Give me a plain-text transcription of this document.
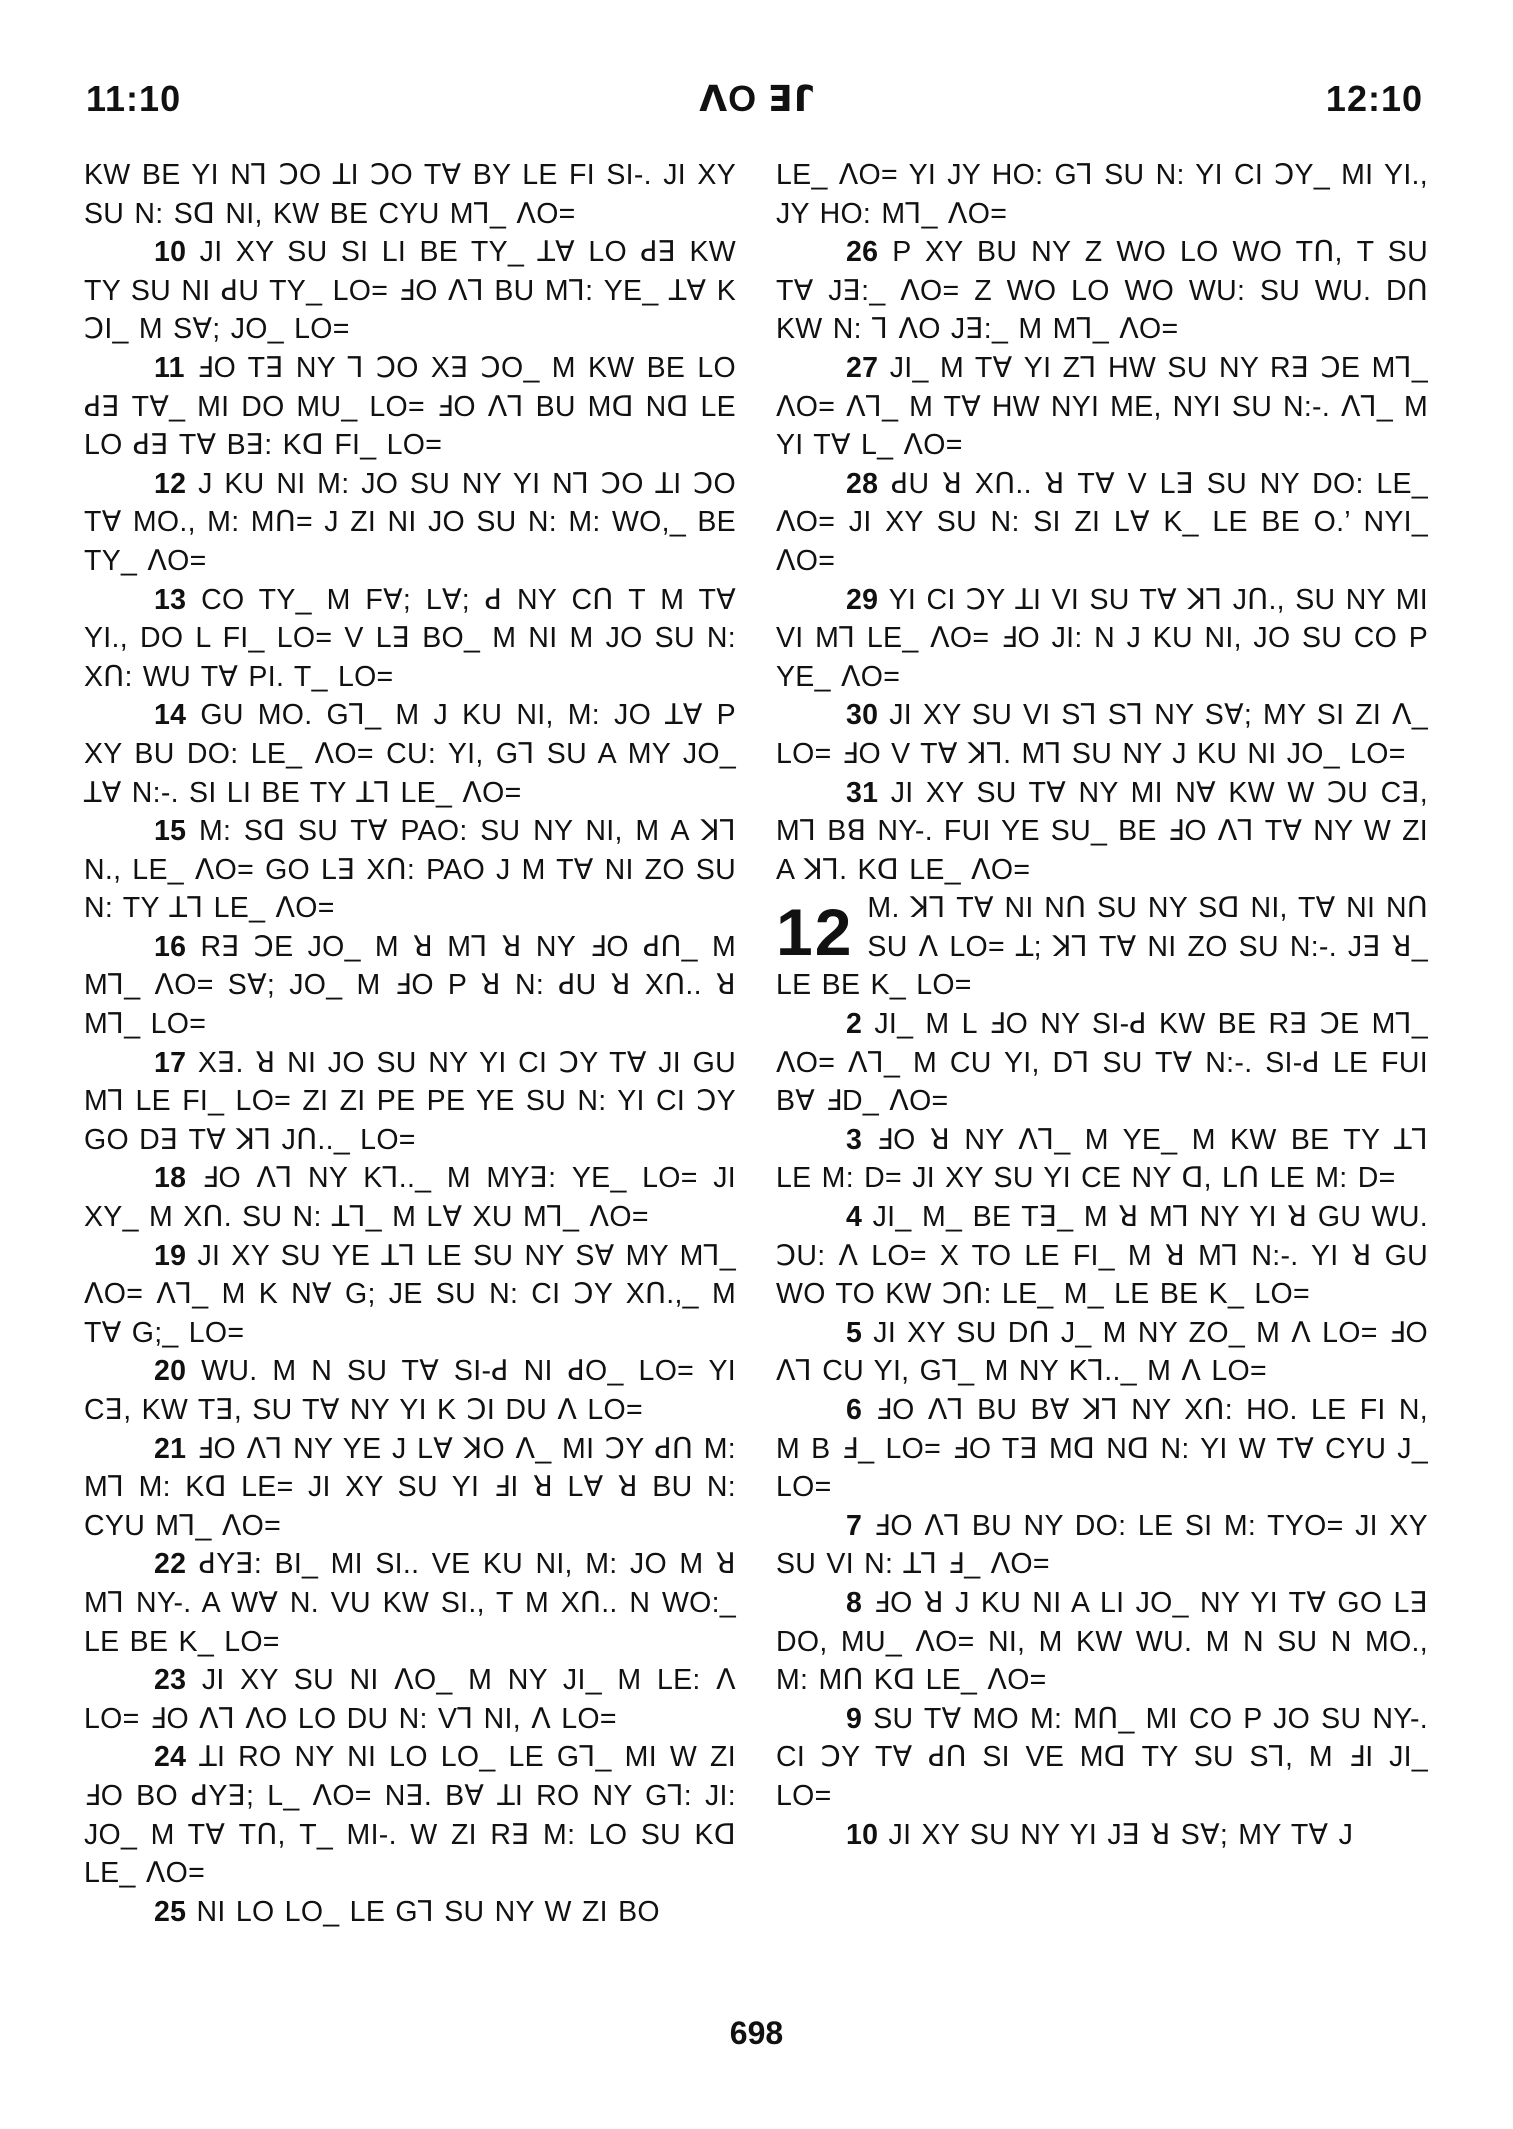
11:10	ꓥO ꓱꓩ	12:10

KW BE YI Nꓶ ꓛO ꓕI ꓛO Tꓯ BY LE FI SI-. JI XY SU N: Sꓷ NI, KW BE CYU Mꓶ_ ꓥO=

10 JI XY SU SI LI BE TY_ ꓕꓯ LO ꓒꓱ KW TY SU NI ꓒU TY_ LO= ꓞO ꓥꓶ BU Mꓶ: YE_ ꓕꓯ K ꓛI_ M Sꓯ; JO_ LO=

11 ꓞO Tꓱ NY ꓶ ꓛO Xꓱ ꓛO_ M KW BE LO ꓒꓱ Tꓯ_ MI DO MU_ LO= ꓞO ꓥꓶ BU Mꓷ Nꓷ LE LO ꓒꓱ Tꓯ Bꓱ: Kꓷ FI_ LO=

12 J KU NI M: JO SU NY YI Nꓶ ꓛO ꓕI ꓛO Tꓯ MO., M: Mꓵ= J ZI NI JO SU N: M: WO,_ BE TY_ ꓥO=

13 CO TY_ M Fꓯ; Lꓯ; ꓒ NY Cꓵ T M Tꓯ YI., DO L FI_ LO= V Lꓱ BO_ M NI M JO SU N: Xꓵ: WU Tꓯ PI. T_ LO=

14 GU MO. Gꓶ_ M J KU NI, M: JO ꓕꓯ P XY BU DO: LE_ ꓥO= CU: YI, Gꓶ SU A MY JO_ ꓕꓯ N:-. SI LI BE TY ꓕꓶ LE_ ꓥO=

15 M: Sꓷ SU Tꓯ PAO: SU NY NI, M A ꓘꓶ N., LE_ ꓥO= GO Lꓱ Xꓵ: PAO J M Tꓯ NI ZO SU N: TY ꓕꓶ LE_ ꓥO=

16 Rꓱ ꓛE JO_ M ꓤ Mꓶ ꓤ NY ꓞO ꓒꓵ_ M Mꓶ_ ꓥO= Sꓯ; JO_ M ꓞO P ꓤ N: ꓒU ꓤ Xꓵ.. ꓤ Mꓶ_ LO=

17 Xꓱ. ꓤ NI JO SU NY YI CI ꓛY Tꓯ JI GU Mꓶ LE FI_ LO= ZI ZI PE PE YE SU N: YI CI ꓛY GO Dꓱ Tꓯ ꓘꓶ Jꓵ.._ LO=

18 ꓞO ꓥꓶ NY Kꓶ.._ M MYꓱ: YE_ LO= JI XY_ M Xꓵ. SU N: ꓕꓶ_ M Lꓯ XU Mꓶ_ ꓥO=

19 JI XY SU YE ꓕꓶ LE SU NY Sꓯ MY Mꓶ_ ꓥO= ꓥꓶ_ M K Nꓯ G; JE SU N: CI ꓛY Xꓵ.,_ M Tꓯ G;_ LO=

20 WU. M N SU Tꓯ SI-ꓒ NI ꓒO_ LO= YI Cꓱ, KW Tꓱ, SU Tꓯ NY YI K ꓛI DU ꓥ LO=

21 ꓞO ꓥꓶ NY YE J Lꓯ ꓘO ꓥ_ MI ꓛY ꓒꓵ M: Mꓶ M: Kꓷ LE= JI XY SU YI ꓞI ꓤ Lꓯ ꓤ BU N: CYU Mꓶ_ ꓥO=

22 ꓒYꓱ: BI_ MI SI.. VE KU NI, M: JO M ꓤ Mꓶ NY-. A Wꓯ N. VU KW SI., T M Xꓵ.. N WO:_ LE BE K_ LO=

23 JI XY SU NI ꓥO_ M NY JI_ M LE: ꓥ LO= ꓞO ꓥꓶ ꓥO LO DU N: Vꓶ NI, ꓥ LO=

24 ꓕI RO NY NI LO LO_ LE Gꓶ_ MI W ZI ꓞO BO ꓒYꓱ; L_ ꓥO= Nꓱ. Bꓯ ꓕI RO NY Gꓶ: JI: JO_ M Tꓯ Tꓵ, T_ MI-. W ZI Rꓱ M: LO SU Kꓷ LE_ ꓥO=

25 NI LO LO_ LE Gꓶ SU NY W ZI BO

LE_ ꓥO= YI JY HO: Gꓶ SU N: YI CI ꓛY_ MI YI., JY HO: Mꓶ_ ꓥO=

26 P XY BU NY Z WO LO WO Tꓵ, T SU Tꓯ Jꓱ:_ ꓥO= Z WO LO WO WU: SU WU. Dꓵ KW N: ꓶ ꓥO Jꓱ:_ M Mꓶ_ ꓥO=

27 JI_ M Tꓯ YI Zꓶ HW SU NY Rꓱ ꓛE Mꓶ_ ꓥO= ꓥꓶ_ M Tꓯ HW NYI ME, NYI SU N:-. ꓥꓶ_ M YI Tꓯ L_ ꓥO=

28 ꓒU ꓤ Xꓵ.. ꓤ Tꓯ V Lꓱ SU NY DO: LE_ ꓥO= JI XY SU N: SI ZI Lꓯ K_ LE BE O.’ NYI_ ꓥO=

29 YI CI ꓛY ꓕI VI SU Tꓯ ꓘꓶ Jꓵ., SU NY MI VI Mꓶ LE_ ꓥO= ꓞO JI: N J KU NI, JO SU CO P YE_ ꓥO=

30 JI XY SU VI Sꓶ Sꓶ NY Sꓯ; MY SI ZI ꓥ_ LO= ꓞO V Tꓯ ꓘꓶ. Mꓶ SU NY J KU NI JO_ LO=

31 JI XY SU Tꓯ NY MI Nꓯ KW W ꓛU Cꓱ, Mꓶ Bꓭ NY-. FUI YE SU_ BE ꓞO ꓥꓶ Tꓯ NY W ZI A ꓘꓶ. Kꓷ LE_ ꓥO=

12 M. ꓘꓶ Tꓯ NI Nꓵ SU NY Sꓷ NI, Tꓯ NI Nꓵ SU ꓥ LO= ꓕ; ꓘꓶ Tꓯ NI ZO SU N:-. Jꓱ ꓤ_ LE BE K_ LO=

2 JI_ M L ꓞO NY SI-ꓒ KW BE Rꓱ ꓛE Mꓶ_ ꓥO= ꓥꓶ_ M CU YI, Dꓶ SU Tꓯ N:-. SI-ꓒ LE FUI Bꓯ ꓞD_ ꓥO=

3 ꓞO ꓤ NY ꓥꓶ_ M YE_ M KW BE TY ꓕꓶ LE M: D= JI XY SU YI CE NY ꓷ, Lꓵ LE M: D=

4 JI_ M_ BE Tꓱ_ M ꓤ Mꓶ NY YI ꓤ GU WU. ꓛU: ꓥ LO= X TO LE FI_ M ꓤ Mꓶ N:-. YI ꓤ GU WO TO KW ꓛꓵ: LE_ M_ LE BE K_ LO=

5 JI XY SU Dꓵ J_ M NY ZO_ M ꓥ LO= ꓞO ꓥꓶ CU YI, Gꓶ_ M NY Kꓶ.._ M ꓥ LO=

6 ꓞO ꓥꓶ BU Bꓯ ꓘꓶ NY Xꓵ: HO. LE FI N, M B ꓞ_ LO= ꓞO Tꓱ Mꓷ Nꓷ N: YI W Tꓯ CYU J_ LO=

7 ꓞO ꓥꓶ BU NY DO: LE SI M: TYO= JI XY SU VI N: ꓕꓶ ꓞ_ ꓥO=

8 ꓞO ꓤ J KU NI A LI JO_ NY YI Tꓯ GO Lꓱ DO, MU_ ꓥO= NI, M KW WU. M N SU N MO., M: Mꓵ Kꓷ LE_ ꓥO=

9 SU Tꓯ MO M: Mꓵ_ MI CO P JO SU NY-. CI ꓛY Tꓯ ꓒꓵ SI VE Mꓷ TY SU Sꓶ, M ꓞI JI_ LO=

10 JI XY SU NY YI Jꓱ ꓤ Sꓯ; MY Tꓯ J

698
